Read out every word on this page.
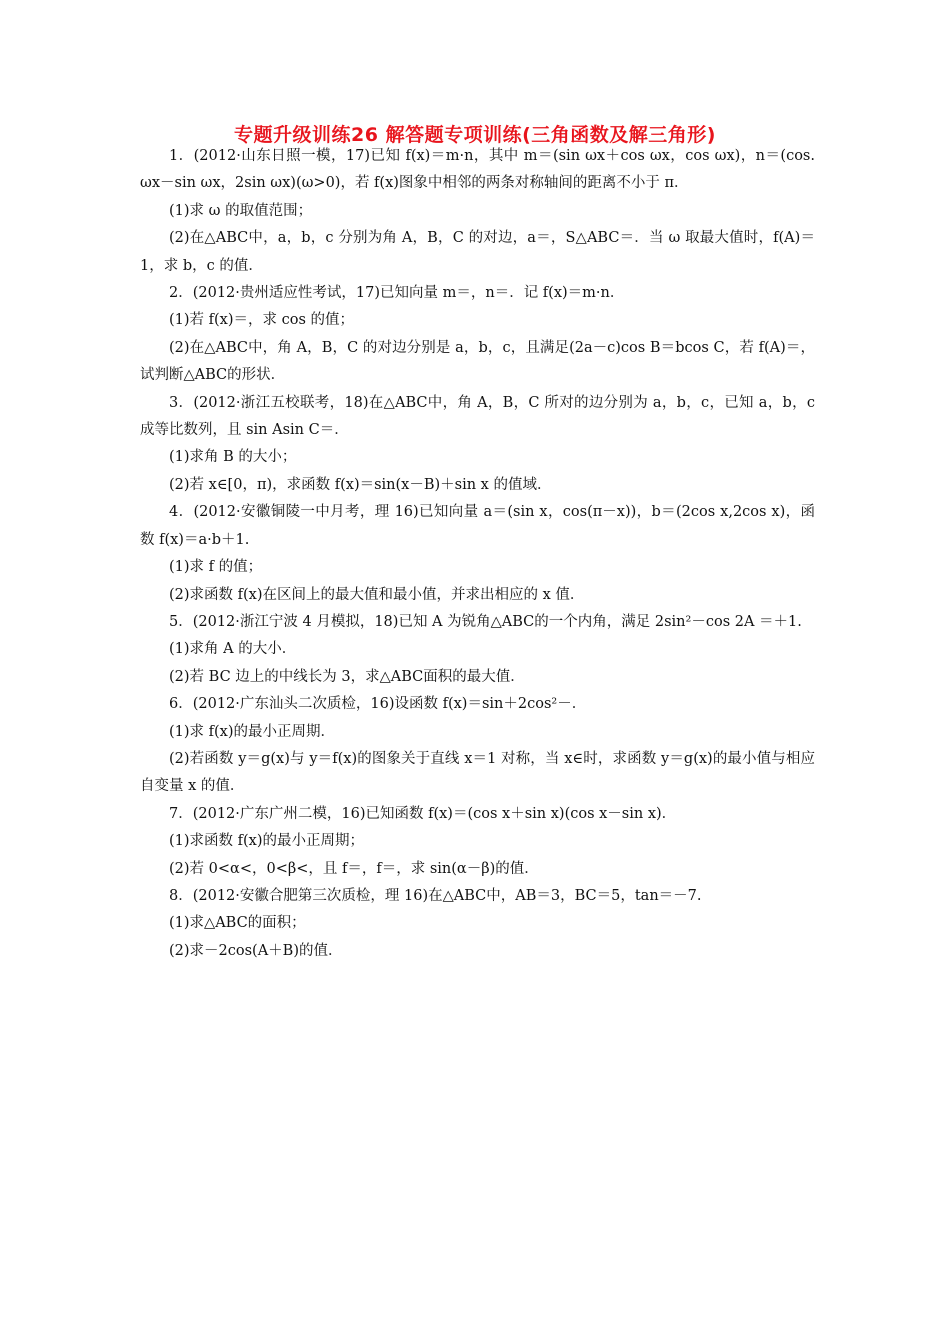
专题升级训练26 解答题专项训练(三角函数及解三角形)

1．(2012·山东日照一模，17)已知 f(x)＝m·n，其中 m＝(sin ωx＋cos ωx，cos ωx)，n＝(cos. ωx－sin ωx，2sin ωx)(ω>0)，若 f(x)图象中相邻的两条对称轴间的距离不小于 π．

(1)求 ω 的取值范围；

(2)在△ABC中，a，b，c 分别为角 A，B，C 的对边，a＝，S△ABC＝．当 ω 取最大值时，f(A)＝1，求 b，c 的值．

2．(2012·贵州适应性考试，17)已知向量 m＝，n＝．记 f(x)＝m·n．

(1)若 f(x)＝，求 cos 的值；

(2)在△ABC中，角 A，B，C 的对边分别是 a，b，c，且满足(2a－c)cos B＝bcos C，若 f(A)＝，试判断△ABC的形状．

3．(2012·浙江五校联考，18)在△ABC中，角 A，B，C 所对的边分别为 a，b，c，已知 a，b，c 成等比数列，且 sin Asin C＝．

(1)求角 B 的大小；

(2)若 x∈[0，π)，求函数 f(x)＝sin(x－B)＋sin x 的值域．

4．(2012·安徽铜陵一中月考，理 16)已知向量 a＝(sin x，cos(π－x))，b＝(2cos x,2cos x)，函数 f(x)＝a·b＋1.

(1)求 f 的值；

(2)求函数 f(x)在区间上的最大值和最小值，并求出相应的 x 值．

5．(2012·浙江宁波 4 月模拟，18)已知 A 为锐角△ABC的一个内角，满足 2sin²－cos 2A ＝＋1.

(1)求角 A 的大小．

(2)若 BC 边上的中线长为 3，求△ABC面积的最大值．

6．(2012·广东汕头二次质检，16)设函数 f(x)＝sin＋2cos²－．

(1)求 f(x)的最小正周期．

(2)若函数 y＝g(x)与 y＝f(x)的图象关于直线 x＝1 对称，当 x∈时，求函数 y＝g(x)的最小值与相应自变量 x 的值．

7．(2012·广东广州二模，16)已知函数 f(x)＝(cos x＋sin x)(cos x－sin x)．

(1)求函数 f(x)的最小正周期；

(2)若 0<α<，0<β<，且 f＝，f＝，求 sin(α－β)的值．

8．(2012·安徽合肥第三次质检，理 16)在△ABC中，AB＝3，BC＝5，tan＝－7.

(1)求△ABC的面积；

(2)求－2cos(A＋B)的值．
